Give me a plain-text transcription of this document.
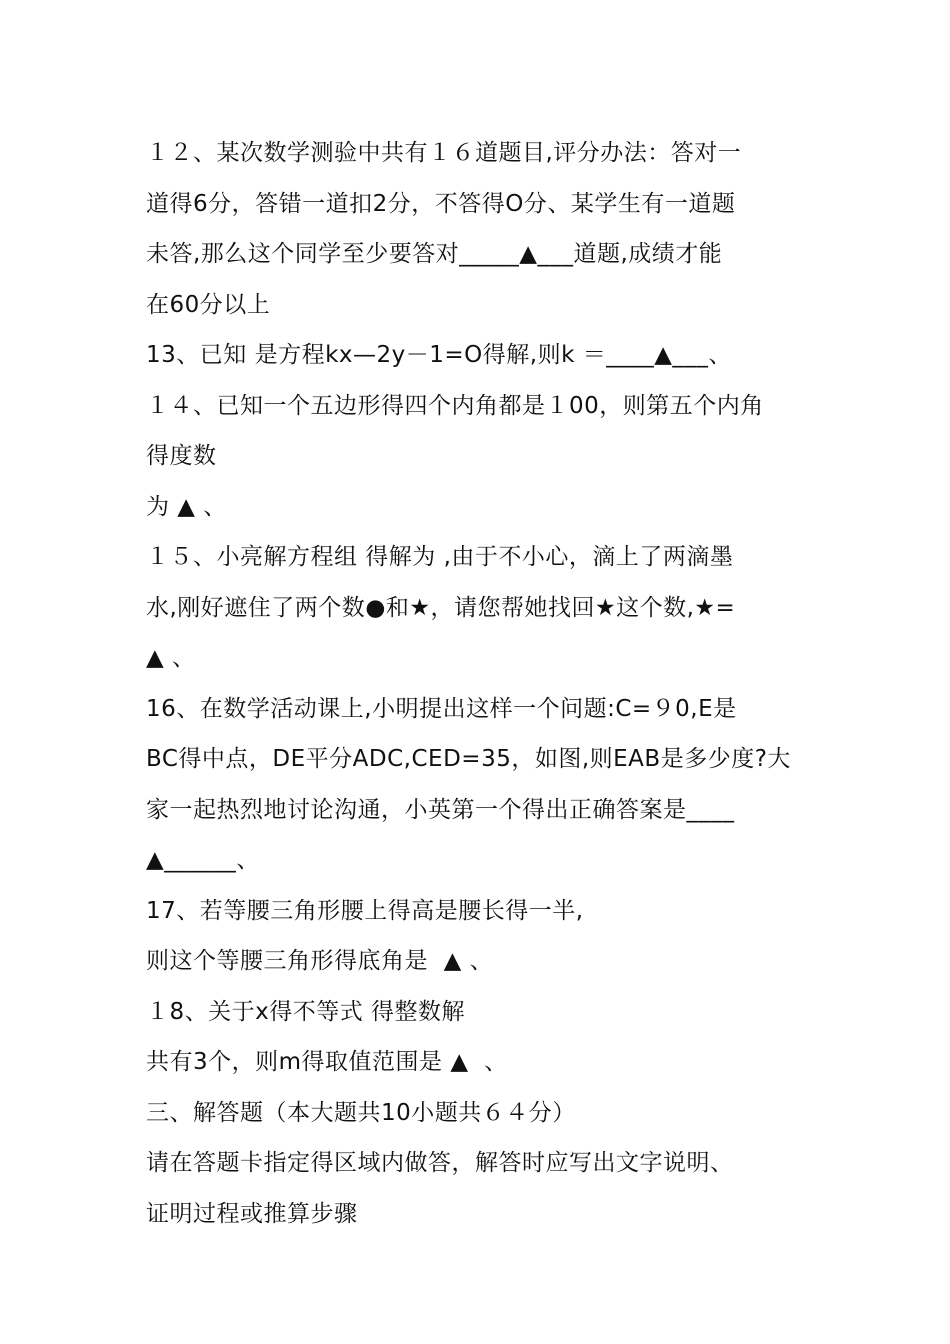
１２、某次数学测验中共有１６道题目,评分办法：答对一
道得6分，答错一道扣2分，不答得O分、某学生有一道题
未答,那么这个同学至少要答对_____▲___道题,成绩才能
在60分以上
13、已知 是方程kx—2y－1=O得解,则k ＝____▲___、
１４、已知一个五边形得四个内角都是１00，则第五个内角
得度数
为 ▲ 、
１５、小亮解方程组 得解为 ,由于不小心，滴上了两滴墨
水,刚好遮住了两个数●和★，请您帮她找回★这个数,★=
▲ 、
16、在数学活动课上,小明提出这样一个问题:C=９0,E是
BC得中点，DE平分ADC,CED=35，如图,则EAB是多少度?大
家一起热烈地讨论沟通，小英第一个得出正确答案是____
▲______、
17、若等腰三角形腰上得高是腰长得一半,
则这个等腰三角形得底角是  ▲ 、
１8、关于x得不等式 得整数解
共有3个，则m得取值范围是 ▲  、
三、解答题（本大题共10小题共６４分）
请在答题卡指定得区域内做答，解答时应写出文字说明、
证明过程或推算步骤
